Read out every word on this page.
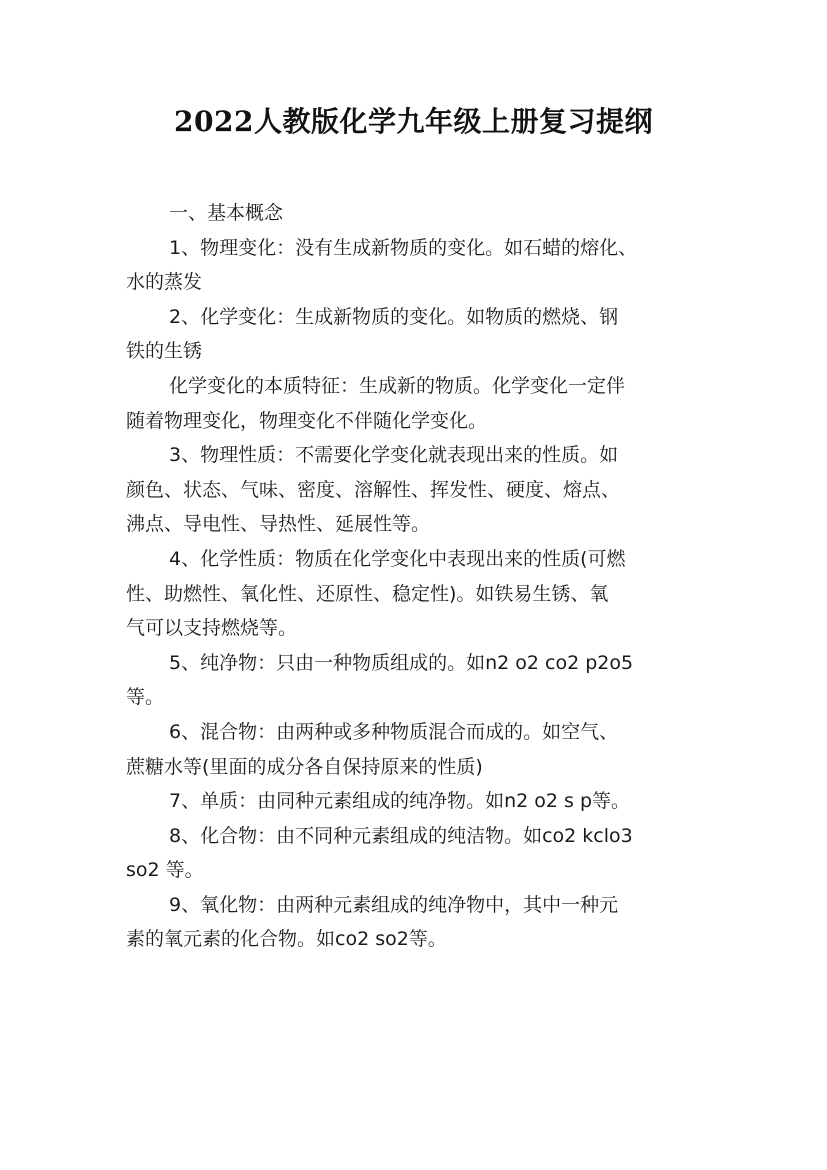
2022人教版化学九年级上册复习提纲

一、基本概念

1、物理变化：没有生成新物质的变化。如石蜡的熔化、
水的蒸发

2、化学变化：生成新物质的变化。如物质的燃烧、钢
铁的生锈

化学变化的本质特征：生成新的物质。化学变化一定伴
随着物理变化，物理变化不伴随化学变化。

3、物理性质：不需要化学变化就表现出来的性质。如
颜色、状态、气味、密度、溶解性、挥发性、硬度、熔点、
沸点、导电性、导热性、延展性等。

4、化学性质：物质在化学变化中表现出来的性质(可燃
性、助燃性、氧化性、还原性、稳定性)。如铁易生锈、氧
气可以支持燃烧等。

5、纯净物：只由一种物质组成的。如n2 o2 co2 p2o5
等。

6、混合物：由两种或多种物质混合而成的。如空气、
蔗糖水等(里面的成分各自保持原来的性质)

7、单质：由同种元素组成的纯净物。如n2 o2 s p等。

8、化合物：由不同种元素组成的纯洁物。如co2 kclo3
so2 等。

9、氧化物：由两种元素组成的纯净物中，其中一种元
素的氧元素的化合物。如co2 so2等。
